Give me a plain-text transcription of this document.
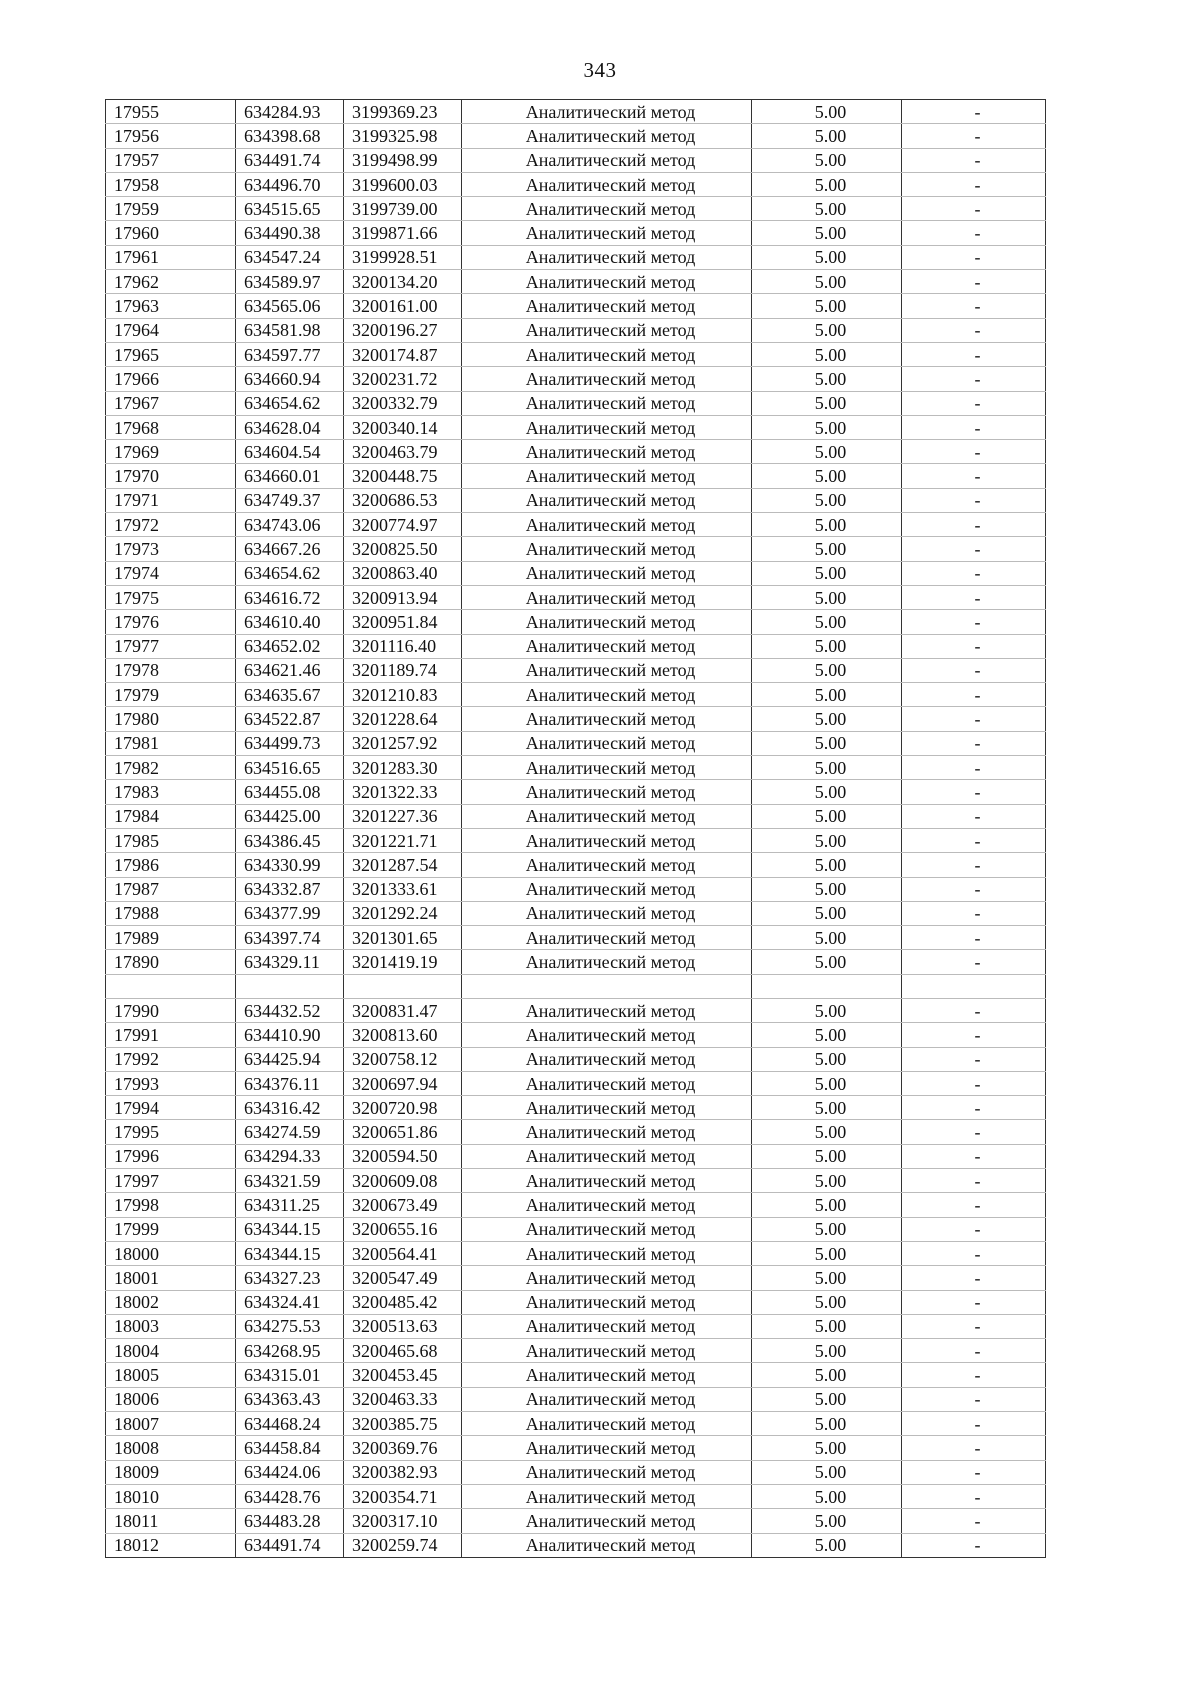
343
17955	634284.93	3199369.23	Аналитический метод	5.00	-
17956	634398.68	3199325.98	Аналитический метод	5.00	-
17957	634491.74	3199498.99	Аналитический метод	5.00	-
17958	634496.70	3199600.03	Аналитический метод	5.00	-
17959	634515.65	3199739.00	Аналитический метод	5.00	-
17960	634490.38	3199871.66	Аналитический метод	5.00	-
17961	634547.24	3199928.51	Аналитический метод	5.00	-
17962	634589.97	3200134.20	Аналитический метод	5.00	-
17963	634565.06	3200161.00	Аналитический метод	5.00	-
17964	634581.98	3200196.27	Аналитический метод	5.00	-
17965	634597.77	3200174.87	Аналитический метод	5.00	-
17966	634660.94	3200231.72	Аналитический метод	5.00	-
17967	634654.62	3200332.79	Аналитический метод	5.00	-
17968	634628.04	3200340.14	Аналитический метод	5.00	-
17969	634604.54	3200463.79	Аналитический метод	5.00	-
17970	634660.01	3200448.75	Аналитический метод	5.00	-
17971	634749.37	3200686.53	Аналитический метод	5.00	-
17972	634743.06	3200774.97	Аналитический метод	5.00	-
17973	634667.26	3200825.50	Аналитический метод	5.00	-
17974	634654.62	3200863.40	Аналитический метод	5.00	-
17975	634616.72	3200913.94	Аналитический метод	5.00	-
17976	634610.40	3200951.84	Аналитический метод	5.00	-
17977	634652.02	3201116.40	Аналитический метод	5.00	-
17978	634621.46	3201189.74	Аналитический метод	5.00	-
17979	634635.67	3201210.83	Аналитический метод	5.00	-
17980	634522.87	3201228.64	Аналитический метод	5.00	-
17981	634499.73	3201257.92	Аналитический метод	5.00	-
17982	634516.65	3201283.30	Аналитический метод	5.00	-
17983	634455.08	3201322.33	Аналитический метод	5.00	-
17984	634425.00	3201227.36	Аналитический метод	5.00	-
17985	634386.45	3201221.71	Аналитический метод	5.00	-
17986	634330.99	3201287.54	Аналитический метод	5.00	-
17987	634332.87	3201333.61	Аналитический метод	5.00	-
17988	634377.99	3201292.24	Аналитический метод	5.00	-
17989	634397.74	3201301.65	Аналитический метод	5.00	-
17890	634329.11	3201419.19	Аналитический метод	5.00	-

17990	634432.52	3200831.47	Аналитический метод	5.00	-
17991	634410.90	3200813.60	Аналитический метод	5.00	-
17992	634425.94	3200758.12	Аналитический метод	5.00	-
17993	634376.11	3200697.94	Аналитический метод	5.00	-
17994	634316.42	3200720.98	Аналитический метод	5.00	-
17995	634274.59	3200651.86	Аналитический метод	5.00	-
17996	634294.33	3200594.50	Аналитический метод	5.00	-
17997	634321.59	3200609.08	Аналитический метод	5.00	-
17998	634311.25	3200673.49	Аналитический метод	5.00	-
17999	634344.15	3200655.16	Аналитический метод	5.00	-
18000	634344.15	3200564.41	Аналитический метод	5.00	-
18001	634327.23	3200547.49	Аналитический метод	5.00	-
18002	634324.41	3200485.42	Аналитический метод	5.00	-
18003	634275.53	3200513.63	Аналитический метод	5.00	-
18004	634268.95	3200465.68	Аналитический метод	5.00	-
18005	634315.01	3200453.45	Аналитический метод	5.00	-
18006	634363.43	3200463.33	Аналитический метод	5.00	-
18007	634468.24	3200385.75	Аналитический метод	5.00	-
18008	634458.84	3200369.76	Аналитический метод	5.00	-
18009	634424.06	3200382.93	Аналитический метод	5.00	-
18010	634428.76	3200354.71	Аналитический метод	5.00	-
18011	634483.28	3200317.10	Аналитический метод	5.00	-
18012	634491.74	3200259.74	Аналитический метод	5.00	-
